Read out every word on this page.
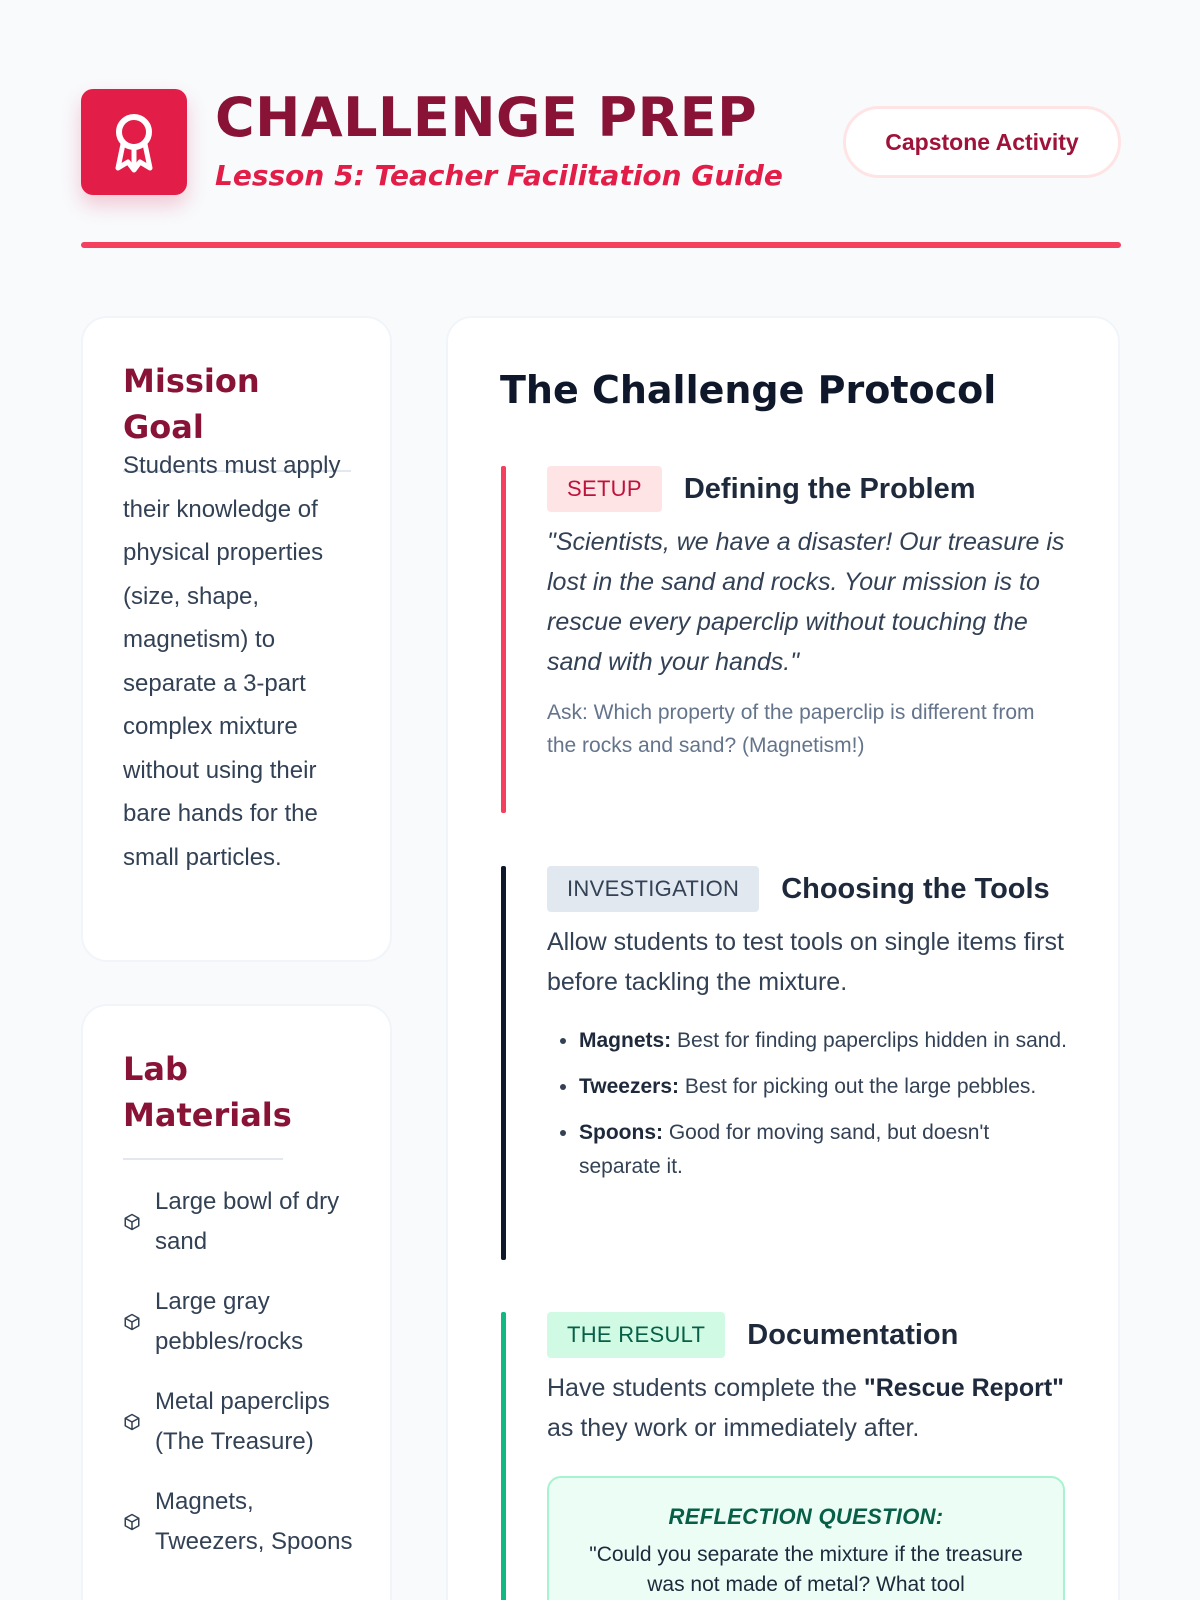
CHALLENGE PREP
Lesson 5: Teacher Facilitation Guide
Capstone Activity
Mission Goal
Students must apply their knowledge of physical properties (size, shape, magnetism) to separate a 3-part complex mixture without using their bare hands for the small particles.
Lab Materials
Large bowl of dry sand
Large gray pebbles/rocks
Metal paperclips (The Treasure)
Magnets, Tweezers, Spoons
The Challenge Protocol
SETUP	Defining the Problem
"Scientists, we have a disaster! Our treasure is lost in the sand and rocks. Your mission is to rescue every paperclip without touching the sand with your hands."
Ask: Which property of the paperclip is different from the rocks and sand? (Magnetism!)
INVESTIGATION	Choosing the Tools
Allow students to test tools on single items first before tackling the mixture.
• Magnets: Best for finding paperclips hidden in sand.
• Tweezers: Best for picking out the large pebbles.
• Spoons: Good for moving sand, but doesn't separate it.
THE RESULT	Documentation
Have students complete the "Rescue Report" as they work or immediately after.
REFLECTION QUESTION:
"Could you separate the mixture if the treasure was not made of metal? What tool
